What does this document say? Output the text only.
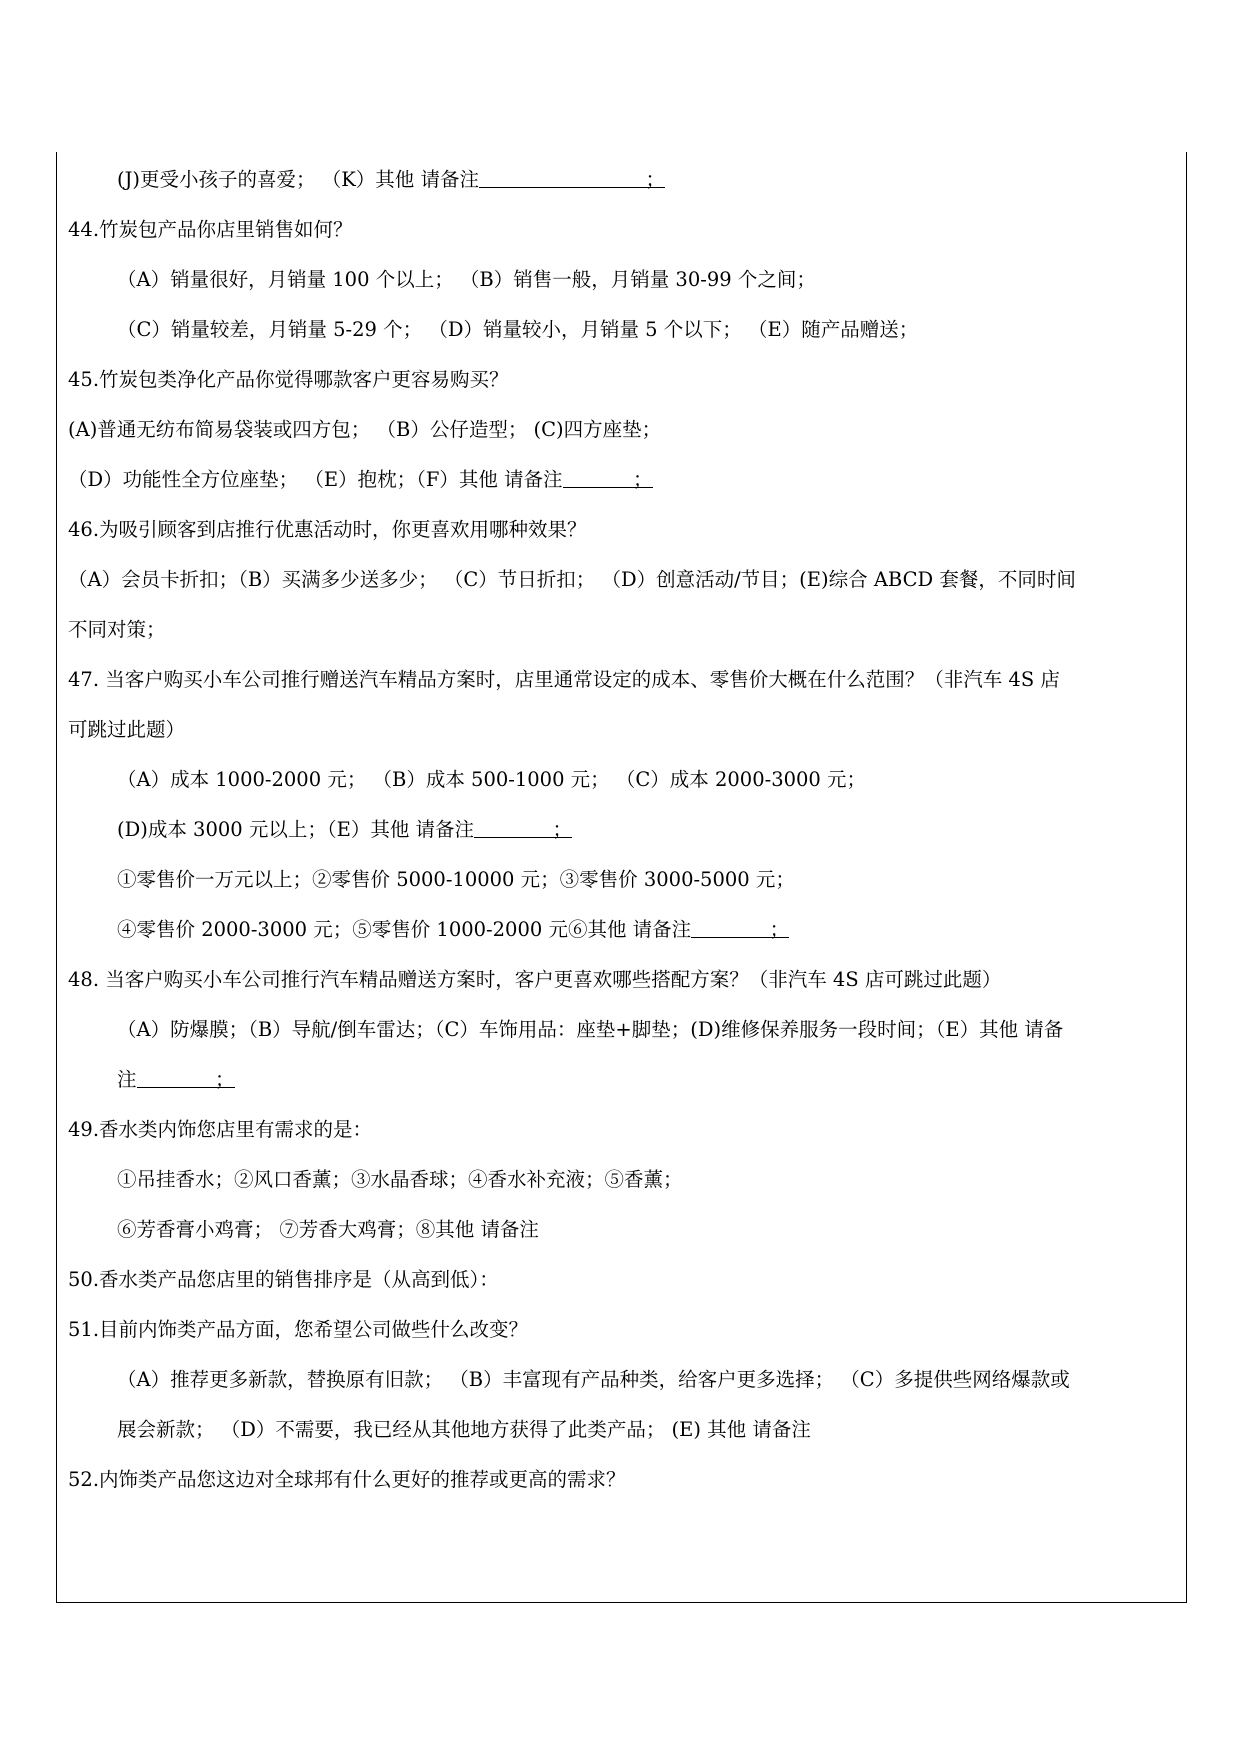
(J)更受小孩子的喜爱； （K）其他 请备注	；
44.竹炭包产品你店里销售如何？
（A）销量很好，月销量 100 个以上； （B）销售一般，月销量 30-99 个之间；
（C）销量较差，月销量 5-29 个； （D）销量较小，月销量 5 个以下； （E）随产品赠送；
45.竹炭包类净化产品你觉得哪款客户更容易购买？
(A)普通无纺布简易袋装或四方包； （B）公仔造型； (C)四方座垫；
（D）功能性全方位座垫； （E）抱枕；（F）其他 请备注	；
46.为吸引顾客到店推行优惠活动时，你更喜欢用哪种效果？
（A）会员卡折扣；（B）买满多少送多少； （C）节日折扣； （D）创意活动/节目；(E)综合 ABCD 套餐，不同时间
不同对策；
47. 当客户购买小车公司推行赠送汽车精品方案时，店里通常设定的成本、零售价大概在什么范围？（非汽车 4S 店
可跳过此题）
（A）成本 1000-2000 元； （B）成本 500-1000 元； （C）成本 2000-3000 元；
(D)成本 3000 元以上；（E）其他 请备注	；
①零售价一万元以上；②零售价 5000-10000 元；③零售价 3000-5000 元；
④零售价 2000-3000 元；⑤零售价 1000-2000 元⑥其他 请备注	；
48. 当客户购买小车公司推行汽车精品赠送方案时，客户更喜欢哪些搭配方案？（非汽车 4S 店可跳过此题）
（A）防爆膜；（B）导航/倒车雷达；（C）车饰用品：座垫+脚垫；(D)维修保养服务一段时间；（E）其他 请备
注	；
49.香水类内饰您店里有需求的是：
①吊挂香水；②风口香薰；③水晶香球；④香水补充液；⑤香薰；
⑥芳香膏小鸡膏； ⑦芳香大鸡膏；⑧其他 请备注
50.香水类产品您店里的销售排序是（从高到低）：
51.目前内饰类产品方面，您希望公司做些什么改变？
（A）推荐更多新款，替换原有旧款； （B）丰富现有产品种类，给客户更多选择； （C）多提供些网络爆款或
展会新款； （D）不需要，我已经从其他地方获得了此类产品； (E) 其他 请备注
52.内饰类产品您这边对全球邦有什么更好的推荐或更高的需求？
